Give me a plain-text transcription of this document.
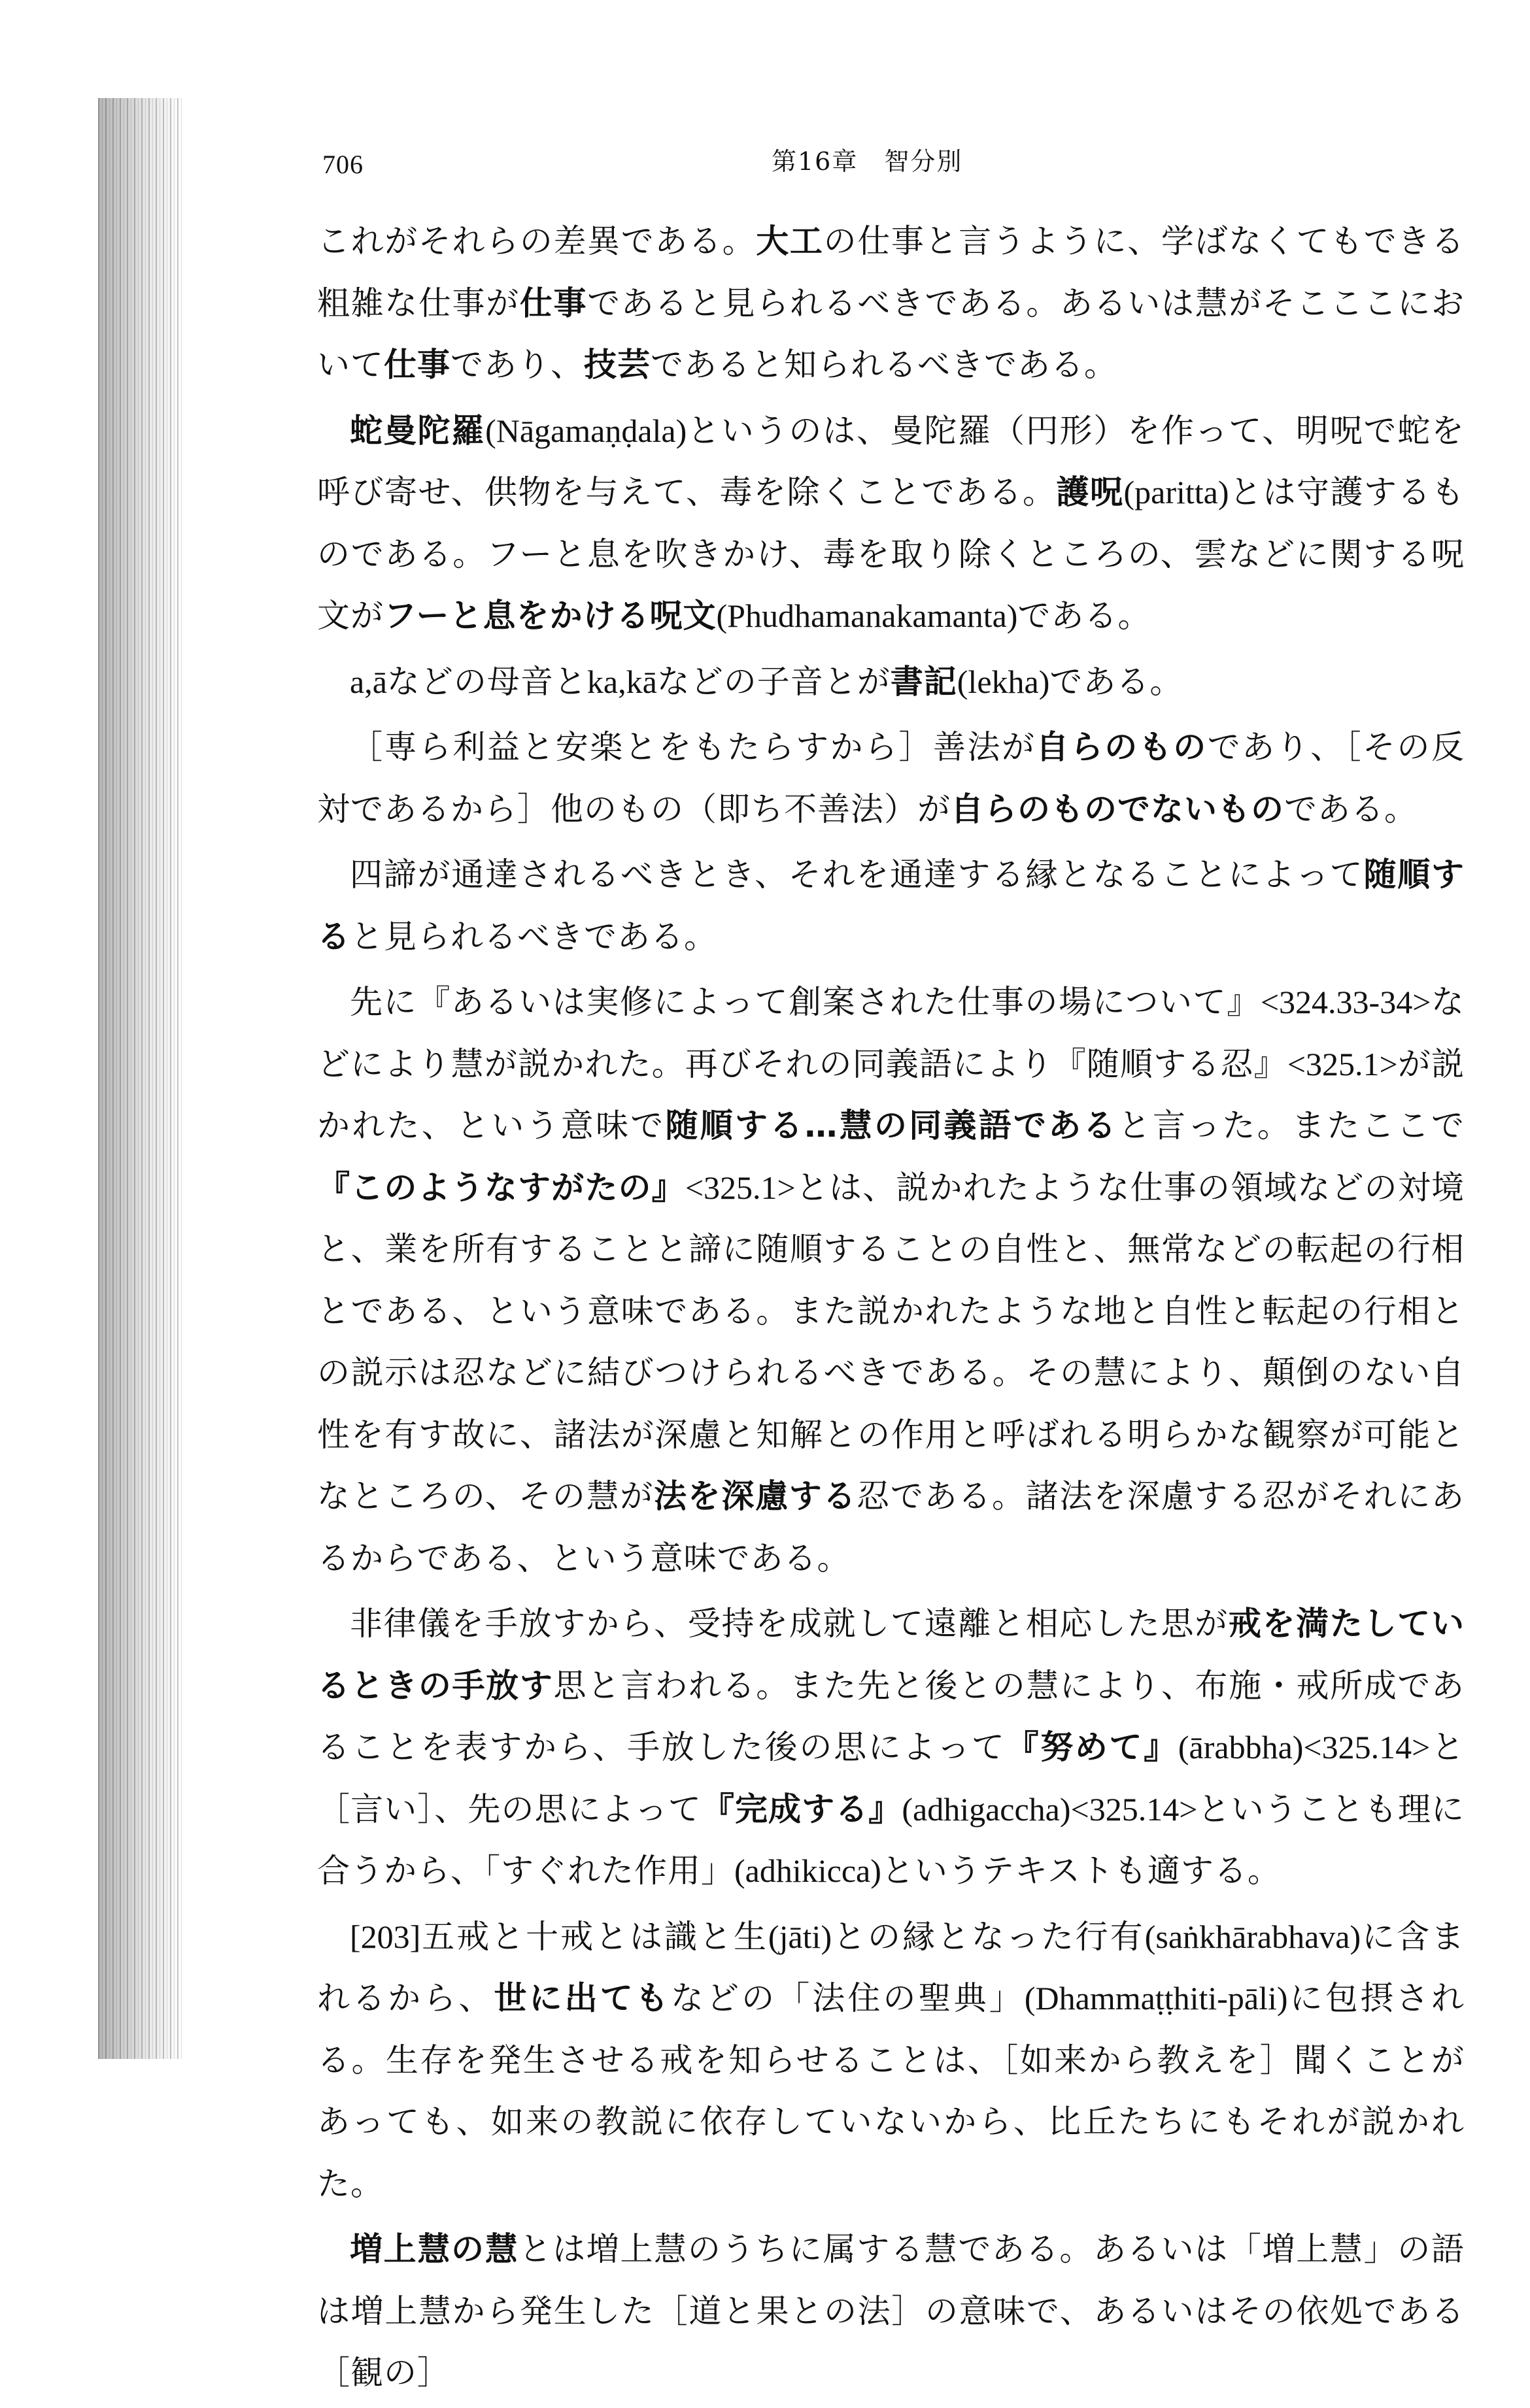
706	第16章　智分別

これがそれらの差異である。大工の仕事と言うように、学ばなくてもできる粗雑な仕事が仕事であると見られるべきである。あるいは慧がそこここにおいて仕事であり、技芸であると知られるべきである。

蛇曼陀羅(Nāgamaṇḍala)というのは、曼陀羅（円形）を作って、明呪で蛇を呼び寄せ、供物を与えて、毒を除くことである。護呪(paritta)とは守護するものである。フーと息を吹きかけ、毒を取り除くところの、雲などに関する呪文がフーと息をかける呪文(Phudhamanakamanta)である。

a,āなどの母音とka,kāなどの子音とが書記(lekha)である。

［専ら利益と安楽とをもたらすから］善法が自らのものであり、［その反対であるから］他のもの（即ち不善法）が自らのものでないものである。

四諦が通達されるべきとき、それを通達する縁となることによって随順すると見られるべきである。

先に『あるいは実修によって創案された仕事の場について』<324.33-34>などにより慧が説かれた。再びそれの同義語により『随順する忍』<325.1>が説かれた、という意味で随順する…慧の同義語であると言った。またここで『このようなすがたの』<325.1>とは、説かれたような仕事の領域などの対境と、業を所有することと諦に随順することの自性と、無常などの転起の行相とである、という意味である。また説かれたような地と自性と転起の行相との説示は忍などに結びつけられるべきである。その慧により、顛倒のない自性を有す故に、諸法が深慮と知解との作用と呼ばれる明らかな観察が可能となところの、その慧が法を深慮する忍である。諸法を深慮する忍がそれにあるからである、という意味である。

非律儀を手放すから、受持を成就して遠離と相応した思が戒を満たしているときの手放す思と言われる。また先と後との慧により、布施・戒所成であることを表すから、手放した後の思によって『努めて』(ārabbha)<325.14>と［言い］、先の思によって『完成する』(adhigaccha)<325.14>ということも理に合うから、「すぐれた作用」(adhikicca)というテキストも適する。

[203]五戒と十戒とは識と生(jāti)との縁となった行有(saṅkhārabhava)に含まれるから、世に出てもなどの「法住の聖典」(Dhammaṭṭhiti-pāli)に包摂される。生存を発生させる戒を知らせることは、［如来から教えを］聞くことがあっても、如来の教説に依存していないから、比丘たちにもそれが説かれた。

増上慧の慧とは増上慧のうちに属する慧である。あるいは「増上慧」の語は増上慧から発生した［道と果との法］の意味で、あるいはその依処である［観の］
